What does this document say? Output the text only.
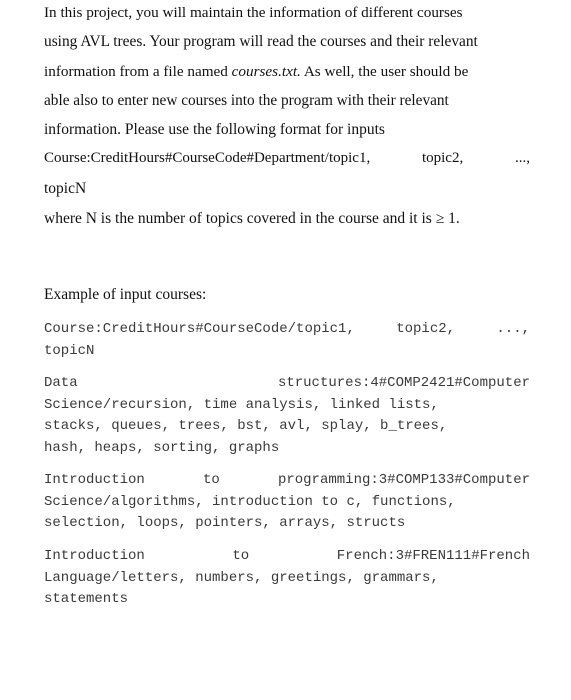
In this project, you will maintain the information of different courses
using AVL trees. Your program will read the courses and their relevant
information from a file named courses.txt. As well, the user should be
able also to enter new courses into the program with their relevant
information. Please use the following format for inputs
Course:CreditHours#CourseCode#Department/topic1,	topic2,	...,
topicN
where N is the number of topics covered in the course and it is ≥ 1.
Example of input courses:
Course:CreditHours#CourseCode/topic1,	topic2,	...,
topicN
Data	structures:4#COMP2421#Computer
Science/recursion, time analysis, linked lists,
stacks, queues, trees, bst, avl, splay, b_trees,
hash, heaps, sorting, graphs
Introduction	to	programming:3#COMP133#Computer
Science/algorithms, introduction to c, functions,
selection, loops, pointers, arrays, structs
Introduction	to	French:3#FREN111#French
Language/letters, numbers, greetings, grammars,
statements
